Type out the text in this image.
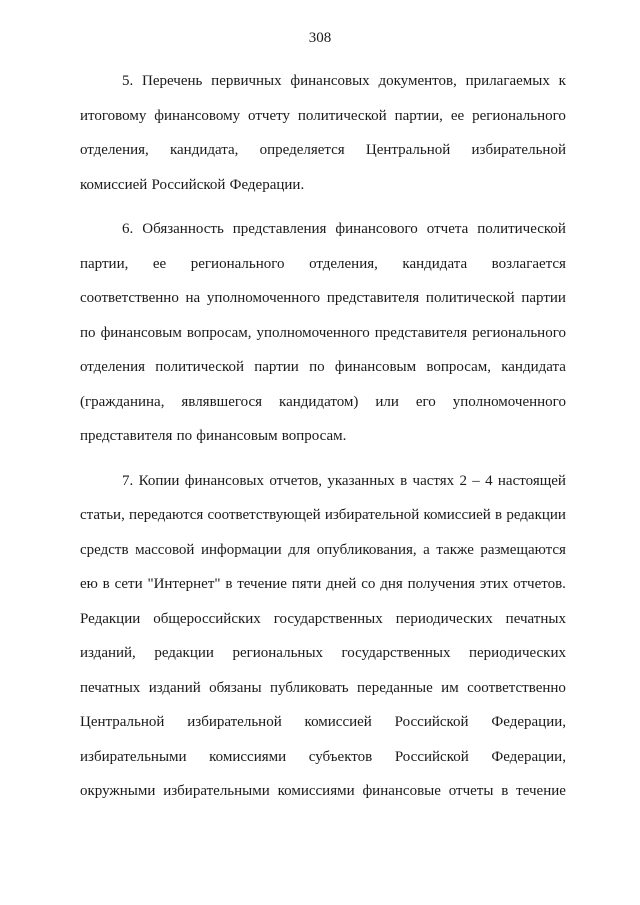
308
5. Перечень первичных финансовых документов, прилагаемых к
итоговому финансовому отчету политической партии, ее регионального
отделения, кандидата, определяется Центральной избирательной
комиссией Российской Федерации.
6. Обязанность представления финансового отчета политической
партии, ее регионального отделения, кандидата возлагается
соответственно на уполномоченного представителя политической партии
по финансовым вопросам, уполномоченного представителя регионального
отделения политической партии по финансовым вопросам, кандидата
(гражданина, являвшегося кандидатом) или его уполномоченного
представителя по финансовым вопросам.
7. Копии финансовых отчетов, указанных в частях 2 – 4 настоящей
статьи, передаются соответствующей избирательной комиссией в редакции
средств массовой информации для опубликования, а также размещаются
ею в сети "Интернет" в течение пяти дней со дня получения этих отчетов.
Редакции общероссийских государственных периодических печатных
изданий, редакции региональных государственных периодических
печатных изданий обязаны публиковать переданные им соответственно
Центральной избирательной комиссией Российской Федерации,
избирательными комиссиями субъектов Российской Федерации,
окружными избирательными комиссиями финансовые отчеты в течение
